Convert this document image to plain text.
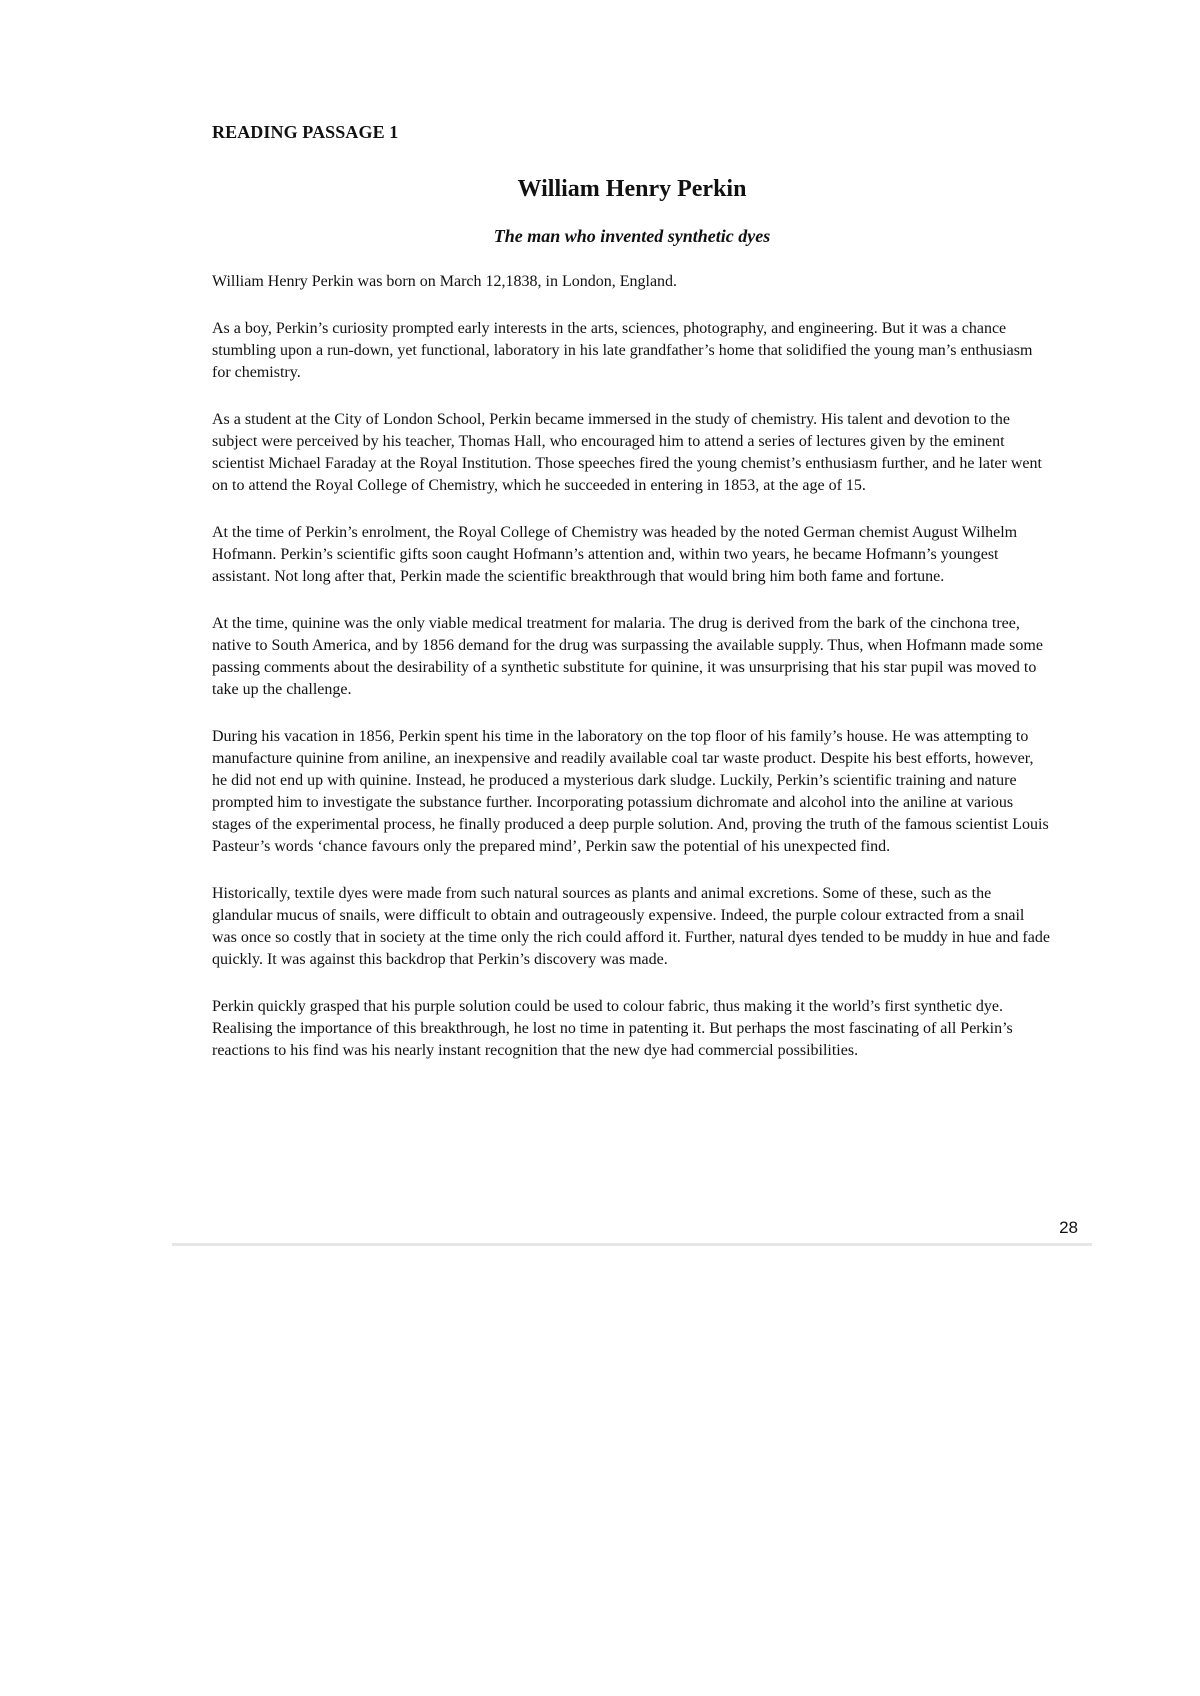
READING PASSAGE 1

William Henry Perkin
The man who invented synthetic dyes

William Henry Perkin was born on March 12,1838, in London, England.

As a boy, Perkin’s curiosity prompted early interests in the arts, sciences, photography, and engineering. But it was a chance stumbling upon a run-down, yet functional, laboratory in his late grandfather’s home that solidified the young man’s enthusiasm for chemistry.

As a student at the City of London School, Perkin became immersed in the study of chemistry. His talent and devotion to the subject were perceived by his teacher, Thomas Hall, who encouraged him to attend a series of lectures given by the eminent scientist Michael Faraday at the Royal Institution. Those speeches fired the young chemist’s enthusiasm further, and he later went on to attend the Royal College of Chemistry, which he succeeded in entering in 1853, at the age of 15.

At the time of Perkin’s enrolment, the Royal College of Chemistry was headed by the noted German chemist August Wilhelm Hofmann. Perkin’s scientific gifts soon caught Hofmann’s attention and, within two years, he became Hofmann’s youngest assistant. Not long after that, Perkin made the scientific breakthrough that would bring him both fame and fortune.

At the time, quinine was the only viable medical treatment for malaria. The drug is derived from the bark of the cinchona tree, native to South America, and by 1856 demand for the drug was surpassing the available supply. Thus, when Hofmann made some passing comments about the desirability of a synthetic substitute for quinine, it was unsurprising that his star pupil was moved to take up the challenge.

During his vacation in 1856, Perkin spent his time in the laboratory on the top floor of his family’s house. He was attempting to manufacture quinine from aniline, an inexpensive and readily available coal tar waste product. Despite his best efforts, however, he did not end up with quinine. Instead, he produced a mysterious dark sludge. Luckily, Perkin’s scientific training and nature prompted him to investigate the substance further. Incorporating potassium dichromate and alcohol into the aniline at various stages of the experimental process, he finally produced a deep purple solution. And, proving the truth of the famous scientist Louis Pasteur’s words ‘chance favours only the prepared mind’, Perkin saw the potential of his unexpected find.

Historically, textile dyes were made from such natural sources as plants and animal excretions. Some of these, such as the glandular mucus of snails, were difficult to obtain and outrageously expensive. Indeed, the purple colour extracted from a snail was once so costly that in society at the time only the rich could afford it. Further, natural dyes tended to be muddy in hue and fade quickly. It was against this backdrop that Perkin’s discovery was made.

Perkin quickly grasped that his purple solution could be used to colour fabric, thus making it the world’s first synthetic dye. Realising the importance of this breakthrough, he lost no time in patenting it. But perhaps the most fascinating of all Perkin’s reactions to his find was his nearly instant recognition that the new dye had commercial possibilities.

28
